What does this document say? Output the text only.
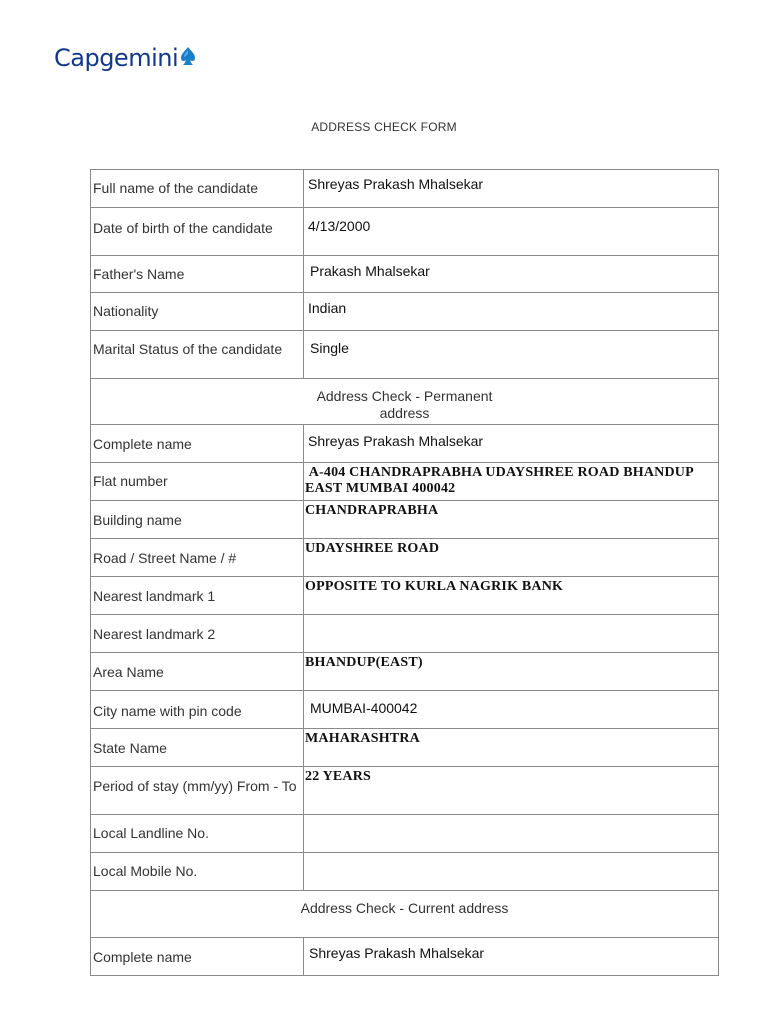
Capgemini
ADDRESS CHECK FORM
Full name of the candidate	Shreyas Prakash Mhalsekar
Date of birth of the candidate	4/13/2000
Father's Name	Prakash Mhalsekar
Nationality	Indian
Marital Status of the candidate	Single
Address Check - Permanent address	
Complete name	Shreyas Prakash Mhalsekar
Flat number	A-404 CHANDRAPRABHA UDAYSHREE ROAD BHANDUP EAST MUMBAI 400042
Building name	CHANDRAPRABHA
Road / Street Name / #	UDAYSHREE ROAD
Nearest landmark 1	OPPOSITE TO KURLA NAGRIK BANK
Nearest landmark 2	
Area Name	BHANDUP(EAST)
City name with pin code	MUMBAI-400042
State Name	MAHARASHTRA
Period of stay (mm/yy) From - To	22 YEARS
Local Landline No.	
Local Mobile No.	
Address Check - Current address	
Complete name	Shreyas Prakash Mhalsekar
